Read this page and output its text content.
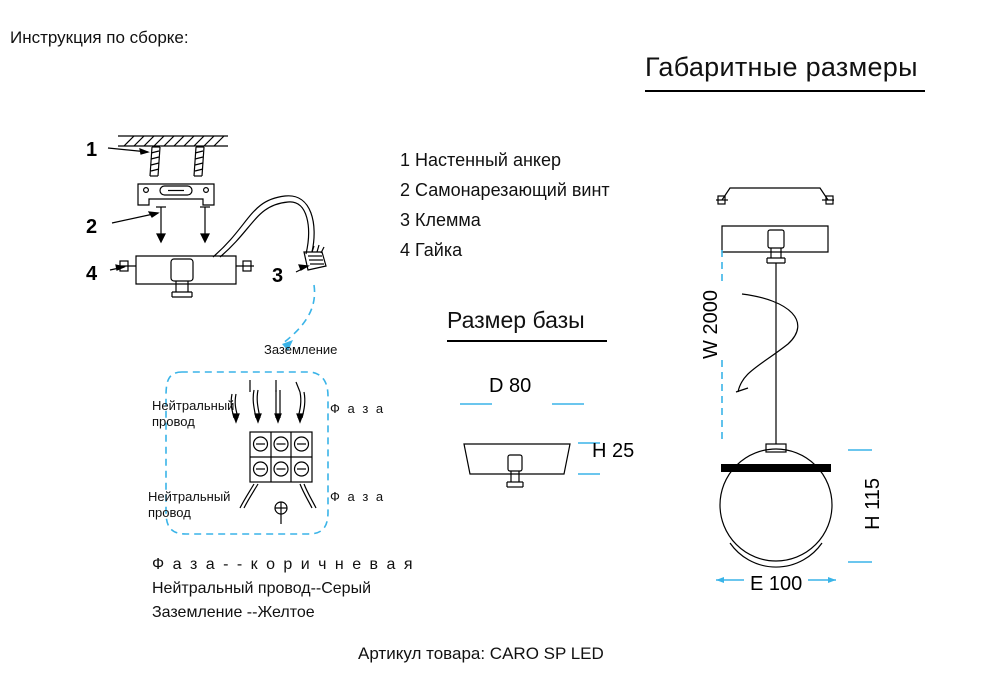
Инструкция по сборке:
Габаритные размеры
Размер базы
1 Настенный анкер
2 Самонарезающий винт
3 Клемма
4 Гайка
1
2
3
4
Заземление
Нейтральный провод
Нейтральный провод
Ф а з а
Ф а з а
Ф а з а - - к о р и ч н е в а я
Нейтральный провод--Серый
Заземление --Желтое
D 80
H 25
W 2000
H 115
E 100
Артикул товара: CARO SP LED
